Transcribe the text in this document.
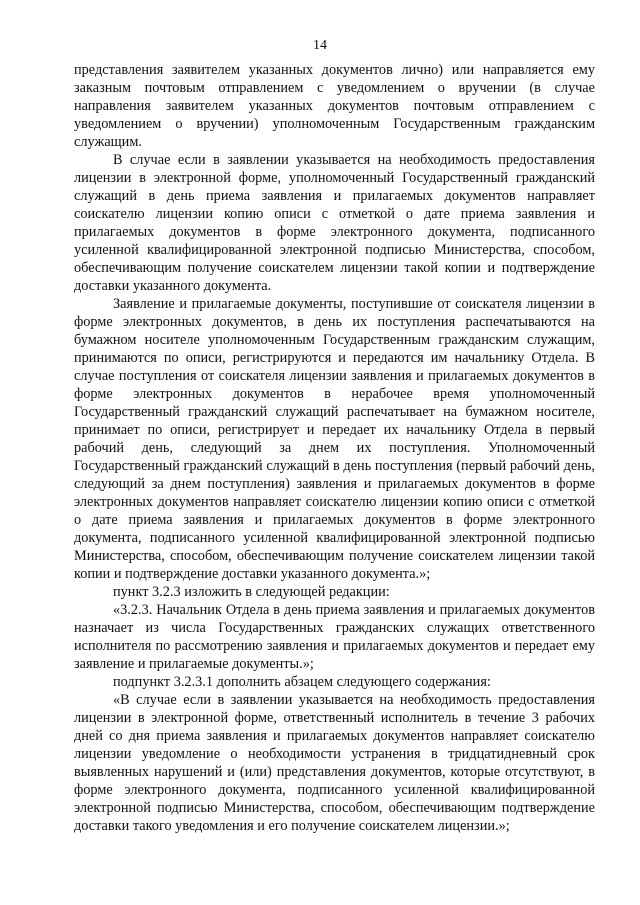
14

представления заявителем указанных документов лично) или направляется ему заказным почтовым отправлением с уведомлением о вручении (в случае направления заявителем указанных документов почтовым отправлением с уведомлением о вручении) уполномоченным Государственным гражданским служащим.

В случае если в заявлении указывается на необходимость предоставления лицензии в электронной форме, уполномоченный Государственный гражданский служащий в день приема заявления и прилагаемых документов направляет соискателю лицензии копию описи с отметкой о дате приема заявления и прилагаемых документов в форме электронного документа, подписанного усиленной квалифицированной электронной подписью Министерства, способом, обеспечивающим получение соискателем лицензии такой копии и подтверждение доставки указанного документа.

Заявление и прилагаемые документы, поступившие от соискателя лицензии в форме электронных документов, в день их поступления распечатываются на бумажном носителе уполномоченным Государственным гражданским служащим, принимаются по описи, регистрируются и передаются им начальнику Отдела. В случае поступления от соискателя лицензии заявления и прилагаемых документов в форме электронных документов в нерабочее время уполномоченный Государственный гражданский служащий распечатывает на бумажном носителе, принимает по описи, регистрирует и передает их начальнику Отдела в первый рабочий день, следующий за днем их поступления. Уполномоченный Государственный гражданский служащий в день поступления (первый рабочий день, следующий за днем поступления) заявления и прилагаемых документов в форме электронных документов направляет соискателю лицензии копию описи с отметкой о дате приема заявления и прилагаемых документов в форме электронного документа, подписанного усиленной квалифицированной электронной подписью Министерства, способом, обеспечивающим получение соискателем лицензии такой копии и подтверждение доставки указанного документа.»;

пункт 3.2.3 изложить в следующей редакции:

«3.2.3. Начальник Отдела в день приема заявления и прилагаемых документов назначает из числа Государственных гражданских служащих ответственного исполнителя по рассмотрению заявления и прилагаемых документов и передает ему заявление и прилагаемые документы.»;

подпункт 3.2.3.1 дополнить абзацем следующего содержания:

«В случае если в заявлении указывается на необходимость предоставления лицензии в электронной форме, ответственный исполнитель в течение 3 рабочих дней со дня приема заявления и прилагаемых документов направляет соискателю лицензии уведомление о необходимости устранения в тридцатидневный срок выявленных нарушений и (или) представления документов, которые отсутствуют, в форме электронного документа, подписанного усиленной квалифицированной электронной подписью Министерства, способом, обеспечивающим подтверждение доставки такого уведомления и его получение соискателем лицензии.»;
